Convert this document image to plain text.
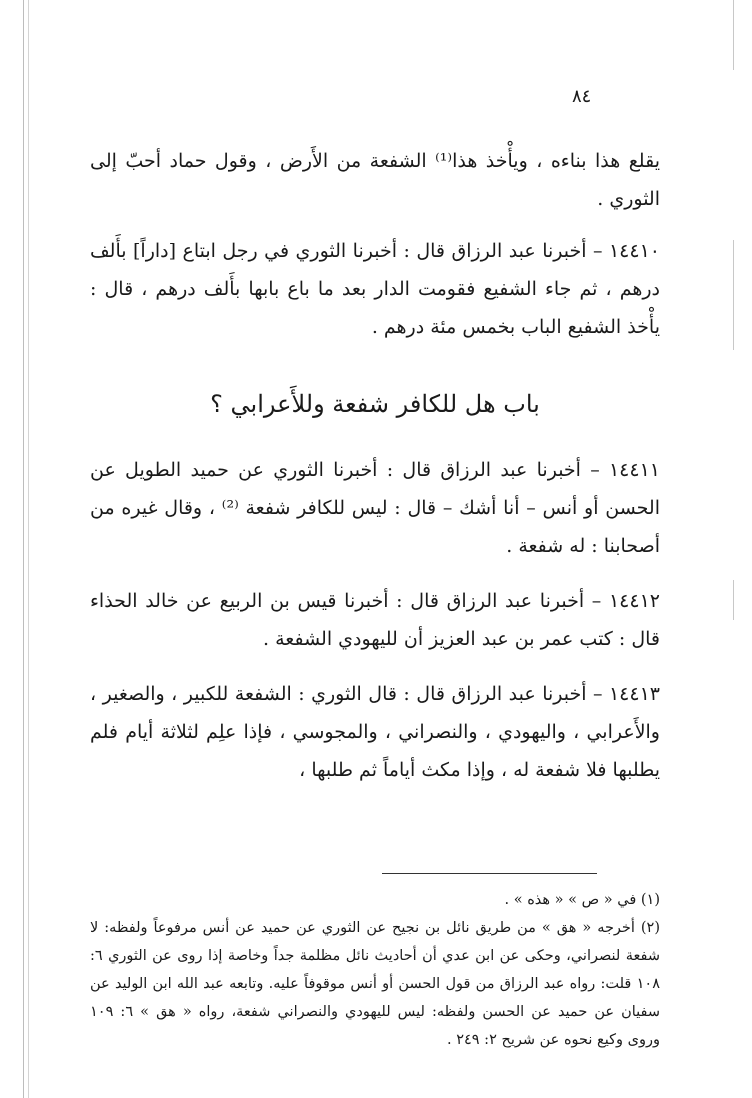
٨٤

يقلع هذا بناءه ، ويأْخذ هذا⁽¹⁾ الشفعة من الأَرض ، وقول حماد أحبّ إلى الثوري .

١٤٤١٠ – أخبرنا عبد الرزاق قال : أخبرنا الثوري في رجل ابتاع [داراً] بأَلف درهم ، ثم جاء الشفيع فقومت الدار بعد ما باع بابها بأَلف درهم ، قال : يأْخذ الشفيع الباب بخمس مئة درهم .

باب هل للكافر شفعة وللأَعرابي ؟

١٤٤١١ – أخبرنا عبد الرزاق قال : أخبرنا الثوري عن حميد الطويل عن الحسن أو أنس – أنا أشك – قال : ليس للكافر شفعة ⁽²⁾ ، وقال غيره من أصحابنا : له شفعة .

١٤٤١٢ – أخبرنا عبد الرزاق قال : أخبرنا قيس بن الربيع عن خالد الحذاء قال : كتب عمر بن عبد العزيز أن لليهودي الشفعة .

١٤٤١٣ – أخبرنا عبد الرزاق قال : قال الثوري : الشفعة للكبير ، والصغير ، والأَعرابي ، واليهودي ، والنصراني ، والمجوسي ، فإذا علِم لثلاثة أيام فلم يطلبها فلا شفعة له ، وإذا مكث أياماً ثم طلبها ،

(١) في « ص » « هذه » .

(٢) أخرجه « هق » من طريق نائل بن نجيح عن الثوري عن حميد عن أنس مرفوعاً ولفظه: لا شفعة لنصراني، وحكى عن ابن عدي أن أحاديث نائل مظلمة جداً وخاصة إذا روى عن الثوري ٦: ١٠٨ قلت: رواه عبد الرزاق من قول الحسن أو أنس موقوفاً عليه. وتابعه عبد الله ابن الوليد عن سفيان عن حميد عن الحسن ولفظه: ليس لليهودي والنصراني شفعة، رواه « هق » ٦: ١٠٩ وروى وكيع نحوه عن شريح ٢: ٢٤٩ .
